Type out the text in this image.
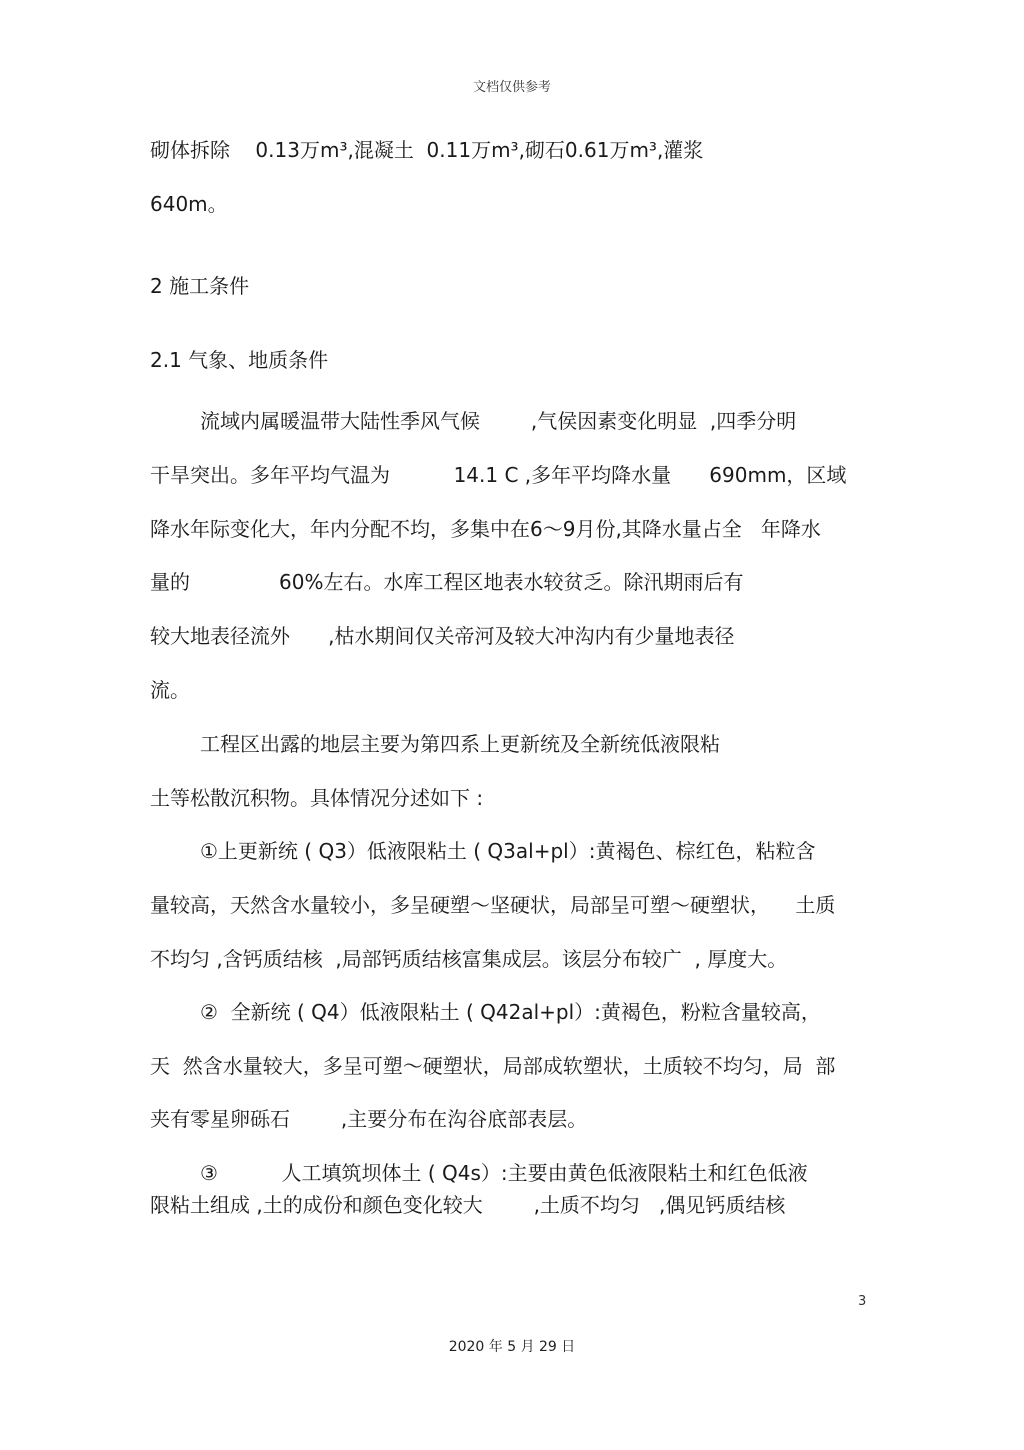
文档仅供参考
砌体拆除    0.13万m³,混凝土  0.11万m³,砌石0.61万m³,灌浆
640m。
2 施工条件
2.1 气象、地质条件
流域内属暖温带大陆性季风气候        ,气侯因素变化明显  ,四季分明
干旱突出。多年平均气温为          14.1 C ,多年平均降水量      690mm，区域
降水年际变化大，年内分配不均，多集中在6〜9月份,其降水量占全   年降水
量的              60%左右。水库工程区地表水较贫乏。除汛期雨后有
较大地表径流外      ,枯水期间仅关帝河及较大冲沟内有少量地表径
流。
工程区出露的地层主要为第四系上更新统及全新统低液限粘
土等松散沉积物。具体情况分述如下 :
①上更新统 ( Q3）低液限粘土 ( Q3al+pl）:黄褐色、棕红色，粘粒含
量较高，天然含水量较小，多呈硬塑〜坚硬状，局部呈可塑〜硬塑状，    土质
不均匀 ,含钙质结核  ,局部钙质结核富集成层。该层分布较广  , 厚度大。
②  全新统 ( Q4）低液限粘土 ( Q42al+pl）:黄褐色，粉粒含量较高，
天  然含水量较大，多呈可塑〜硬塑状，局部成软塑状，土质较不均匀，局  部
夹有零星卵砾石        ,主要分布在沟谷底部表层。
③          人工填筑坝体土 ( Q4s）:主要由黄色低液限粘土和红色低液
限粘土组成 ,土的成份和颜色变化较大        ,土质不均匀   ,偶见钙质结核
3
2020 年 5 月 29 日
